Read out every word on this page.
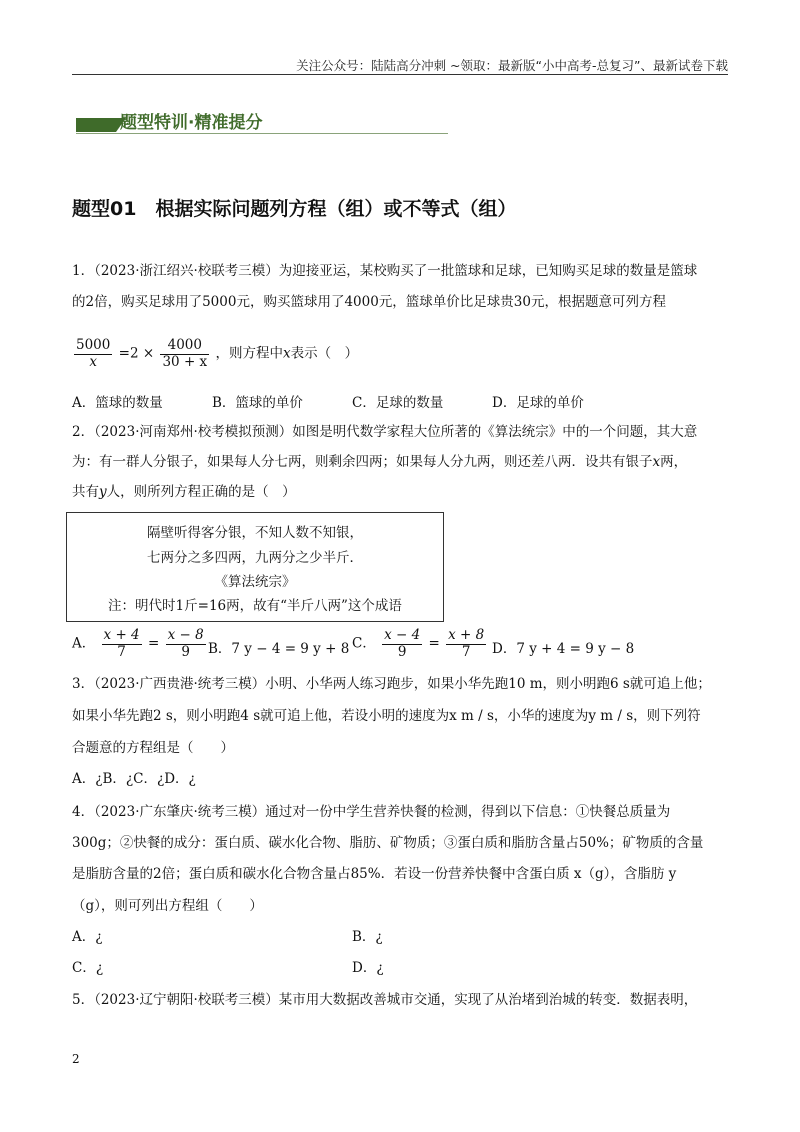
关注公众号：陆陆高分冲刺 ~领取：最新版“小中高考-总复习”、最新试卷下载
题型特训·精准提分
题型01　根据实际问题列方程（组）或不等式（组）
1．（2023·浙江绍兴·校联考三模）为迎接亚运，某校购买了一批篮球和足球，已知购买足球的数量是篮球
的2倍，购买足球用了5000元，购买篮球用了4000元，篮球单价比足球贵30元，根据题意可列方程
$\frac{5000}{x} =2 \times \frac{4000}{30 + x}$ ，则方程中x表示（　）
A．篮球的数量	B．篮球的单价	C．足球的数量	D．足球的单价
2．（2023·河南郑州·校考模拟预测）如图是明代数学家程大位所著的《算法统宗》中的一个问题，其大意
为：有一群人分银子，如果每人分七两，则剩余四两；如果每人分九两，则还差八两．设共有银子x两，
共有y人，则所列方程正确的是（　）
隔壁听得客分银，不知人数不知银，
七两分之多四两，九两分之少半斤．
《算法统宗》
注：明代时1斤=16两，故有“半斤八两”这个成语
A． $\frac{x + 4}{7} = \frac{x - 8}{9}$ B．7 y − 4 = 9 y + 8 C． $\frac{x - 4}{9} = \frac{x + 8}{7}$ D．7 y + 4 = 9 y − 8
3．（2023·广西贵港·统考三模）小明、小华两人练习跑步，如果小华先跑10 m，则小明跑6 s就可追上他；
如果小华先跑2 s，则小明跑4 s就可追上他，若设小明的速度为x m / s，小华的速度为y m / s，则下列符
合题意的方程组是（　　）
A．¿B．¿C．¿D．¿
4．（2023·广东肇庆·统考三模）通过对一份中学生营养快餐的检测，得到以下信息：①快餐总质量为
300g；②快餐的成分：蛋白质、碳水化合物、脂肪、矿物质；③蛋白质和脂肪含量占50%；矿物质的含量
是脂肪含量的2倍；蛋白质和碳水化合物含量占85%．若设一份营养快餐中含蛋白质 x（g），含脂肪 y
（g），则可列出方程组（　　）
A．¿	B．¿
C．¿	D．¿
5．（2023·辽宁朝阳·校联考三模）某市用大数据改善城市交通，实现了从治堵到治城的转变．数据表明，
2
